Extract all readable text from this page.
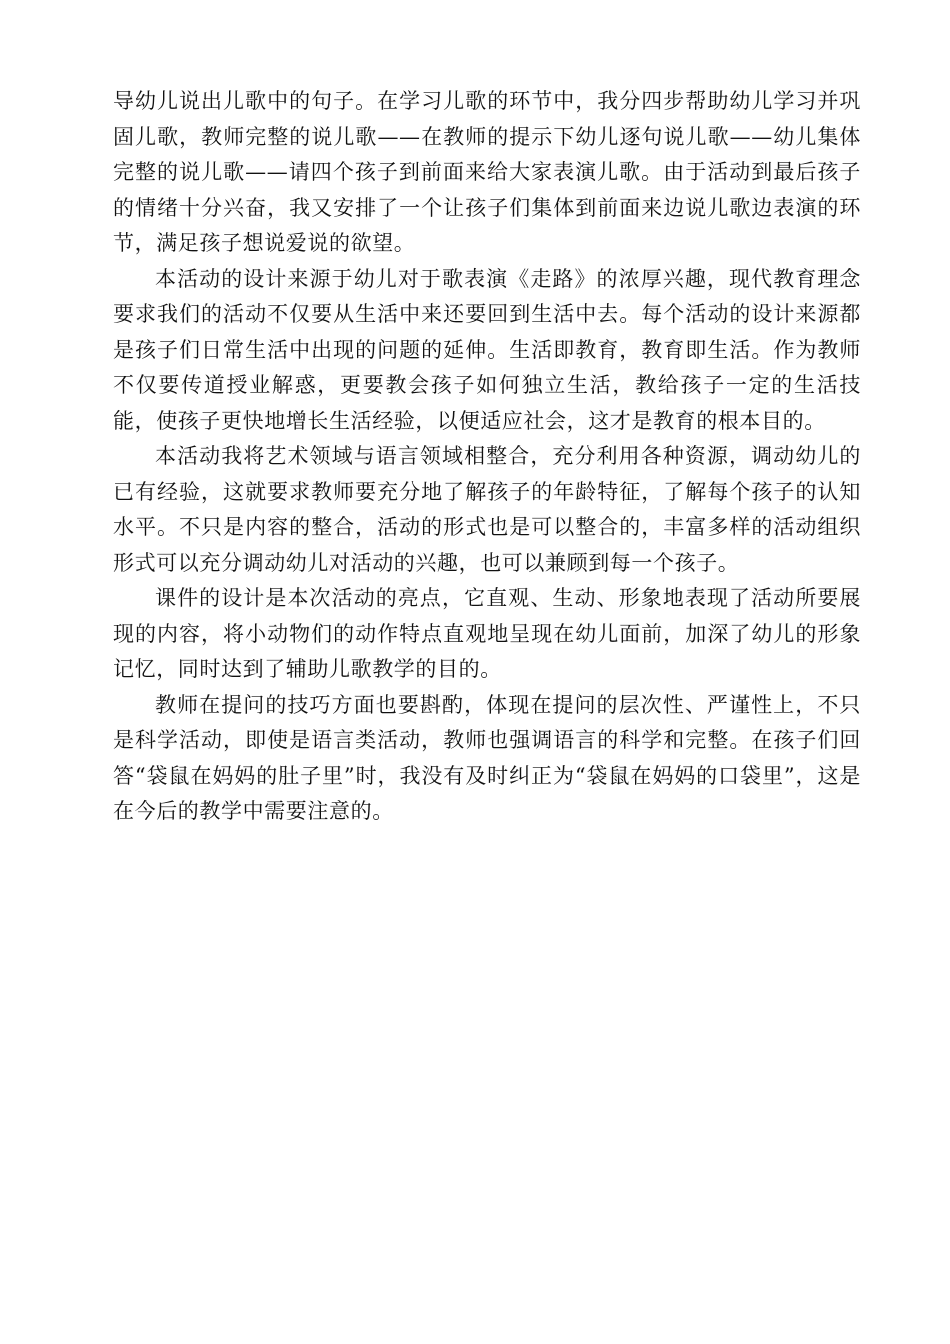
导幼儿说出儿歌中的句子。在学习儿歌的环节中，我分四步帮助幼儿学习并巩固儿歌，教师完整的说儿歌——在教师的提示下幼儿逐句说儿歌——幼儿集体完整的说儿歌——请四个孩子到前面来给大家表演儿歌。由于活动到最后孩子的情绪十分兴奋，我又安排了一个让孩子们集体到前面来边说儿歌边表演的环节，满足孩子想说爱说的欲望。

本活动的设计来源于幼儿对于歌表演《走路》的浓厚兴趣，现代教育理念要求我们的活动不仅要从生活中来还要回到生活中去。每个活动的设计来源都是孩子们日常生活中出现的问题的延伸。生活即教育，教育即生活。作为教师不仅要传道授业解惑，更要教会孩子如何独立生活，教给孩子一定的生活技能，使孩子更快地增长生活经验，以便适应社会，这才是教育的根本目的。

本活动我将艺术领域与语言领域相整合，充分利用各种资源，调动幼儿的已有经验，这就要求教师要充分地了解孩子的年龄特征，了解每个孩子的认知水平。不只是内容的整合，活动的形式也是可以整合的，丰富多样的活动组织形式可以充分调动幼儿对活动的兴趣，也可以兼顾到每一个孩子。

课件的设计是本次活动的亮点，它直观、生动、形象地表现了活动所要展现的内容，将小动物们的动作特点直观地呈现在幼儿面前，加深了幼儿的形象记忆，同时达到了辅助儿歌教学的目的。

教师在提问的技巧方面也要斟酌，体现在提问的层次性、严谨性上，不只是科学活动，即使是语言类活动，教师也强调语言的科学和完整。在孩子们回答“袋鼠在妈妈的肚子里”时，我没有及时纠正为“袋鼠在妈妈的口袋里”，这是在今后的教学中需要注意的。
